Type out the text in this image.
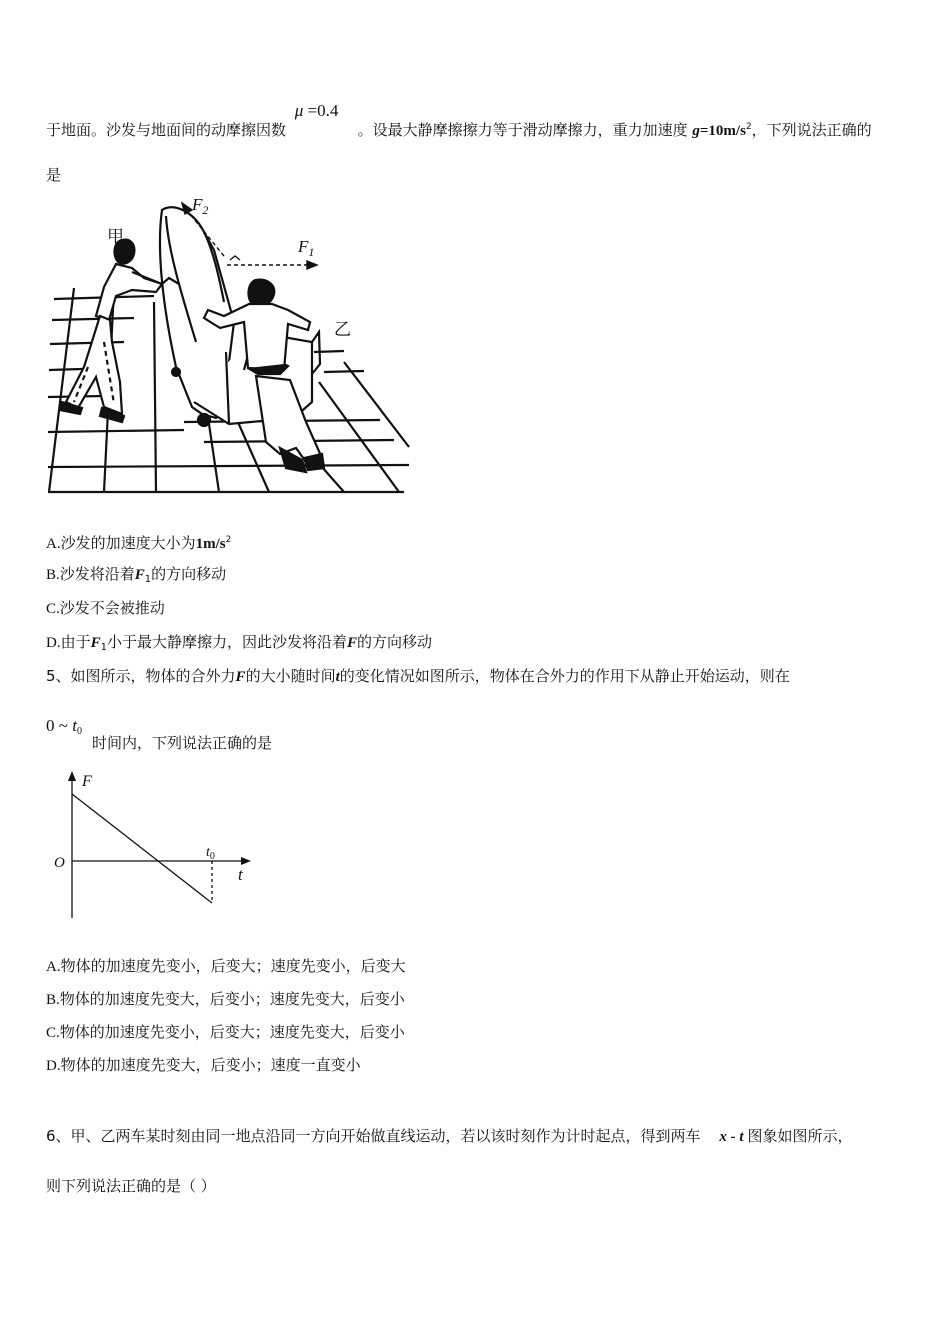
于地面。沙发与地面间的动摩擦因数
μ =0.4
。设最大静摩擦擦力等于滑动摩擦力，重力加速度 $g=10m/s^2$，下列说法正确的
是
甲
乙
$F_2$
$F_1$
A.沙发的加速度大小为$1m/s^2$
B.沙发将沿着$F_1$的方向移动
C.沙发不会被推动
D.由于$F_1$小于最大静摩擦力，因此沙发将沿着F的方向移动
5、如图所示，物体的合外力F的大小随时间t的变化情况如图所示，物体在合外力的作用下从静止开始运动，则在
0 ~ $t_0$
时间内，下列说法正确的是
F
O
t
$t_0$
A.物体的加速度先变小，后变大；速度先变小，后变大
B.物体的加速度先变大，后变小；速度先变大，后变小
C.物体的加速度先变小，后变大；速度先变大，后变小
D.物体的加速度先变大，后变小；速度一直变小
6、甲、乙两车某时刻由同一地点沿同一方向开始做直线运动，若以该时刻作为计时起点，得到两车 x - t 图象如图所示，
则下列说法正确的是（ ）
